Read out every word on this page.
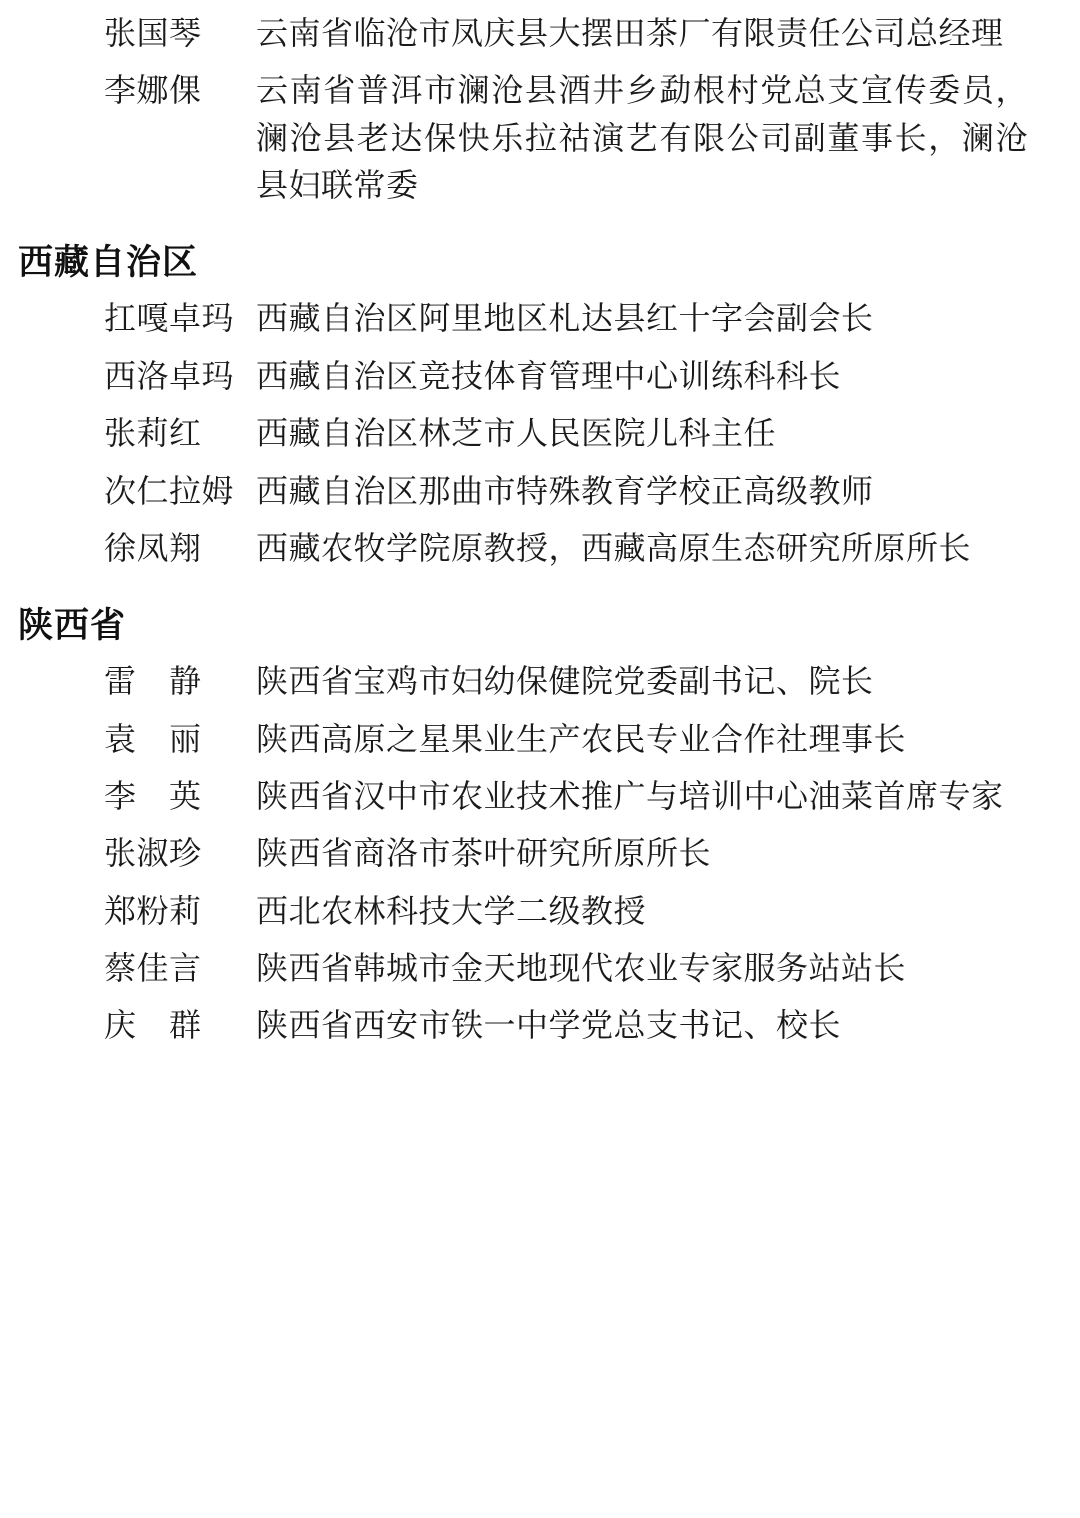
张国琴	云南省临沧市凤庆县大摆田茶厂有限责任公司总经理
李娜倮	云南省普洱市澜沧县酒井乡勐根村党总支宣传委员，澜沧县老达保快乐拉祜演艺有限公司副董事长，澜沧县妇联常委
西藏自治区
扛嘎卓玛 西藏自治区阿里地区札达县红十字会副会长
西洛卓玛 西藏自治区竞技体育管理中心训练科科长
张莉红	西藏自治区林芝市人民医院儿科主任
次仁拉姆 西藏自治区那曲市特殊教育学校正高级教师
徐凤翔	西藏农牧学院原教授，西藏高原生态研究所原所长
陕西省
雷　静	陕西省宝鸡市妇幼保健院党委副书记、院长
袁　丽	陕西高原之星果业生产农民专业合作社理事长
李　英	陕西省汉中市农业技术推广与培训中心油菜首席专家
张淑珍	陕西省商洛市茶叶研究所原所长
郑粉莉	西北农林科技大学二级教授
蔡佳言	陕西省韩城市金天地现代农业专家服务站站长
庆　群	陕西省西安市铁一中学党总支书记、校长
